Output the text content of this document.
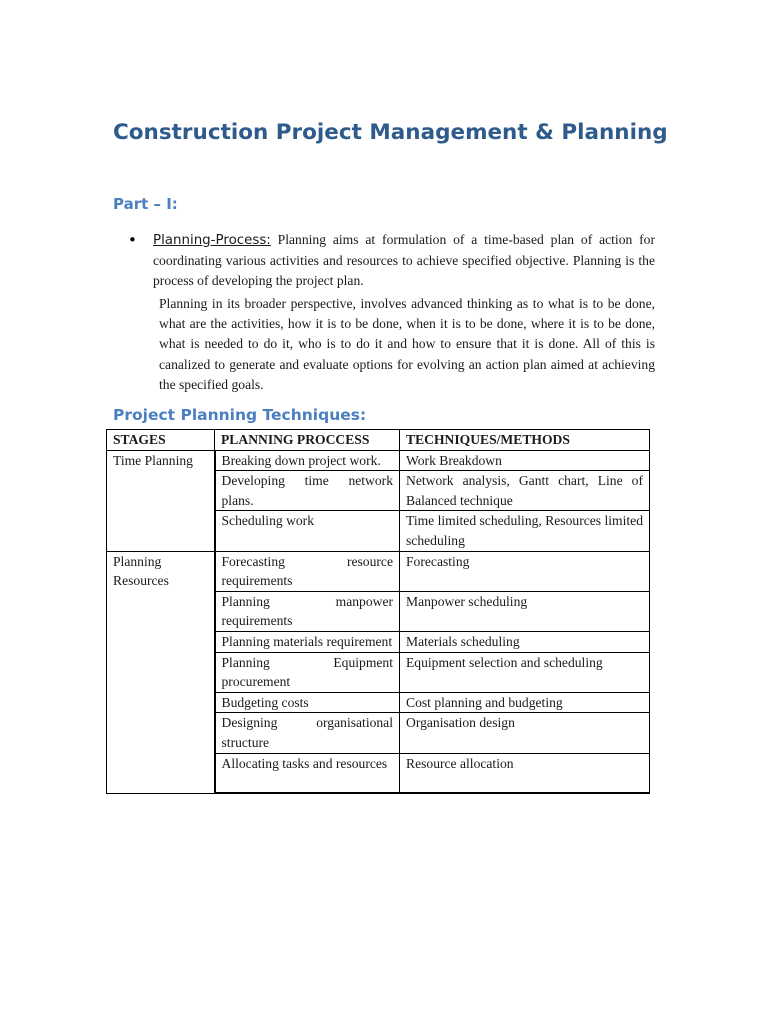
Construction Project Management & Planning
Part – I:
• Planning-Process: Planning aims at formulation of a time-based plan of action for coordinating various activities and resources to achieve specified objective. Planning is the process of developing the project plan.

Planning in its broader perspective, involves advanced thinking as to what is to be done, what are the activities, how it is to be done, when it is to be done, where it is to be done, what is needed to do it, who is to do it and how to ensure that it is done. All of this is canalized to generate and evaluate options for evolving an action plan aimed at achieving the specified goals.

Project Planning Techniques:
STAGES	PLANNING PROCCESS	TECHNIQUES/METHODS
Time Planning	Breaking down project work.	Work Breakdown
	Developing time network plans.	Network analysis, Gantt chart, Line of Balanced technique
	Scheduling work	Time limited scheduling, Resources limited scheduling
Planning Resources	Forecasting resource requirements	Forecasting
	Planning manpower requirements	Manpower scheduling
	Planning materials requirement	Materials scheduling
	Planning Equipment procurement	Equipment selection and scheduling
	Budgeting costs	Cost planning and budgeting
	Designing organisational structure	Organisation design

	Allocating tasks and resources	Resource allocation
